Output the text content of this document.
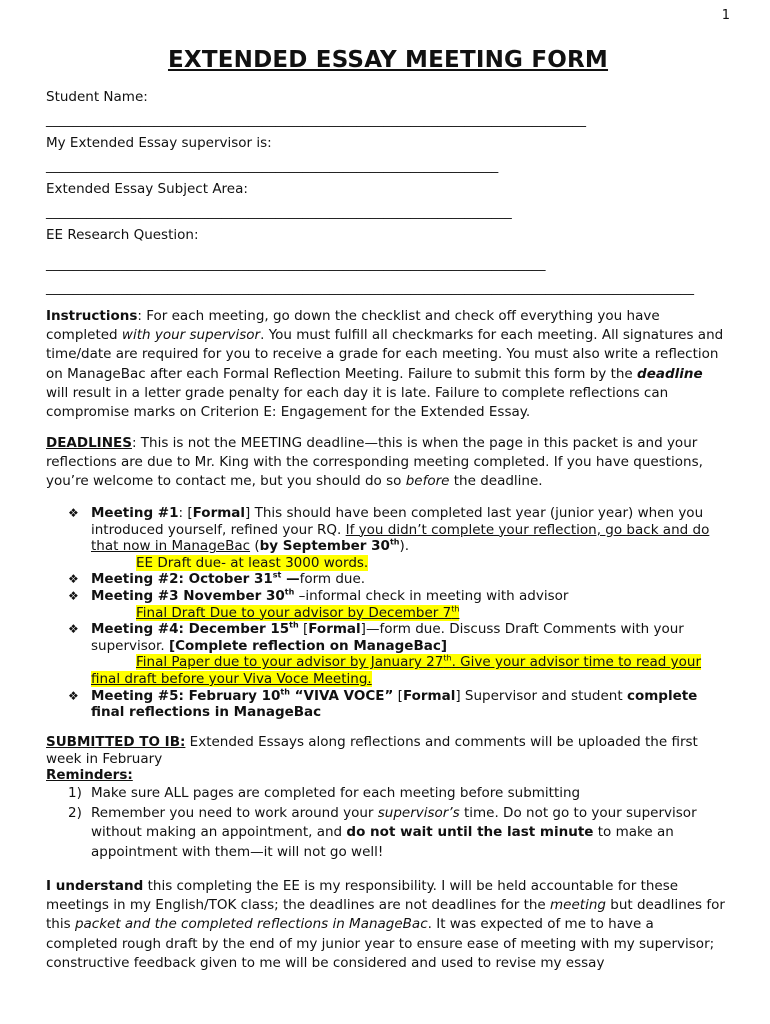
1
EXTENDED ESSAY MEETING FORM
Student Name:
________________________________________________________________________________
My Extended Essay supervisor is:
___________________________________________________________________
Extended Essay Subject Area:
_____________________________________________________________________
EE Research Question:
__________________________________________________________________________
________________________________________________________________________________________________
Instructions: For each meeting, go down the checklist and check off everything you have completed with your supervisor. You must fulfill all checkmarks for each meeting. All signatures and time/date are required for you to receive a grade for each meeting. You must also write a reflection on ManageBac after each Formal Reflection Meeting. Failure to submit this form by the deadline will result in a letter grade penalty for each day it is late. Failure to complete reflections can compromise marks on Criterion E: Engagement for the Extended Essay.
DEADLINES: This is not the MEETING deadline—this is when the page in this packet is and your reflections are due to Mr. King with the corresponding meeting completed. If you have questions, you’re welcome to contact me, but you should do so before the deadline.
❖ Meeting #1: [Formal] This should have been completed last year (junior year) when you introduced yourself, refined your RQ. If you didn’t complete your reflection, go back and do that now in ManageBac (by September 30th).
EE Draft due- at least 3000 words.
❖ Meeting #2: October 31st —form due.
❖ Meeting #3 November 30th –informal check in meeting with advisor
Final Draft Due to your advisor by December 7th
❖ Meeting #4: December 15th [Formal]—form due. Discuss Draft Comments with your supervisor. [Complete reflection on ManageBac]
Final Paper due to your advisor by January 27th. Give your advisor time to read your final draft before your Viva Voce Meeting.
❖ Meeting #5: February 10th “VIVA VOCE” [Formal] Supervisor and student complete final reflections in ManageBac
SUBMITTED TO IB: Extended Essays along reflections and comments will be uploaded the first week in February
Reminders:
1) Make sure ALL pages are completed for each meeting before submitting
2) Remember you need to work around your supervisor’s time. Do not go to your supervisor without making an appointment, and do not wait until the last minute to make an appointment with them—it will not go well!
I understand this completing the EE is my responsibility. I will be held accountable for these meetings in my English/TOK class; the deadlines are not deadlines for the meeting but deadlines for this packet and the completed reflections in ManageBac. It was expected of me to have a completed rough draft by the end of my junior year to ensure ease of meeting with my supervisor; constructive feedback given to me will be considered and used to revise my essay
